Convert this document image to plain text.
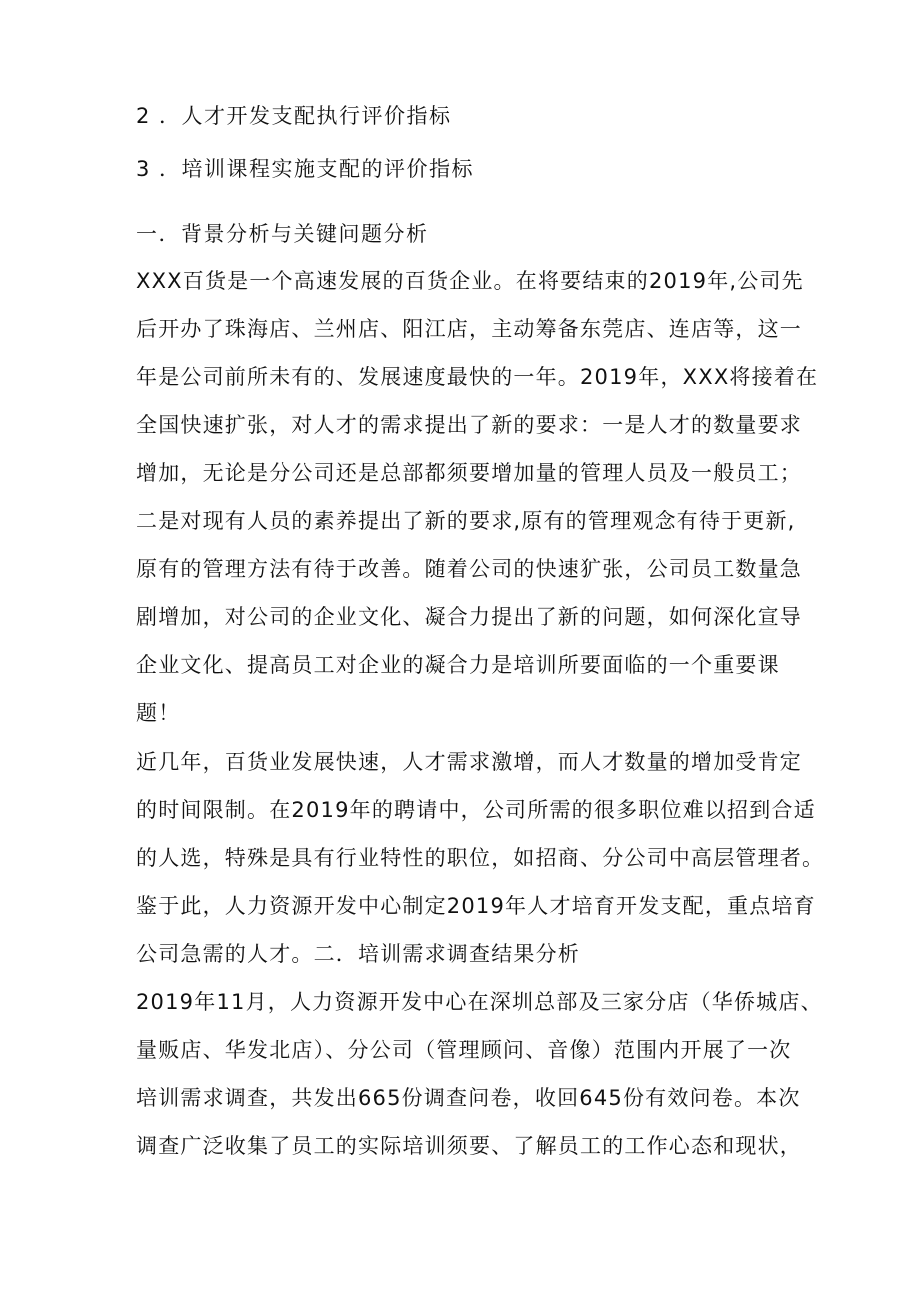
2 ．人才开发支配执行评价指标
3 ．培训课程实施支配的评价指标
一．背景分析与关键问题分析
XXX百货是一个高速发展的百货企业。在将要结束的2019年,公司先
后开办了珠海店、兰州店、阳江店，主动筹备东莞店、连店等，这一
年是公司前所未有的、发展速度最快的一年。2019年，XXX将接着在
全国快速扩张，对人才的需求提出了新的要求：一是人才的数量要求
增加，无论是分公司还是总部都须要增加量的管理人员及一般员工；
二是对现有人员的素养提出了新的要求,原有的管理观念有待于更新,
原有的管理方法有待于改善。随着公司的快速犷张，公司员工数量急
剧增加，对公司的企业文化、凝合力提出了新的问题，如何深化宣导
企业文化、提高员工对企业的凝合力是培训所要面临的一个重要课
题！
近几年，百货业发展快速，人才需求激增，而人才数量的增加受肯定
的时间限制。在2019年的聘请中，公司所需的很多职位难以招到合适
的人选，特殊是具有行业特性的职位，如招商、分公司中高层管理者。
鉴于此，人力资源开发中心制定2019年人才培育开发支配，重点培育
公司急需的人才。二．培训需求调查结果分析
2019年11月，人力资源开发中心在深圳总部及三家分店（华侨城店、
量贩店、华发北店）、分公司（管理顾问、音像）范围内开展了一次
培训需求调查，共发出665份调查问卷，收回645份有效问卷。本次
调查广泛收集了员工的实际培训须要、了解员工的工作心态和现状，
